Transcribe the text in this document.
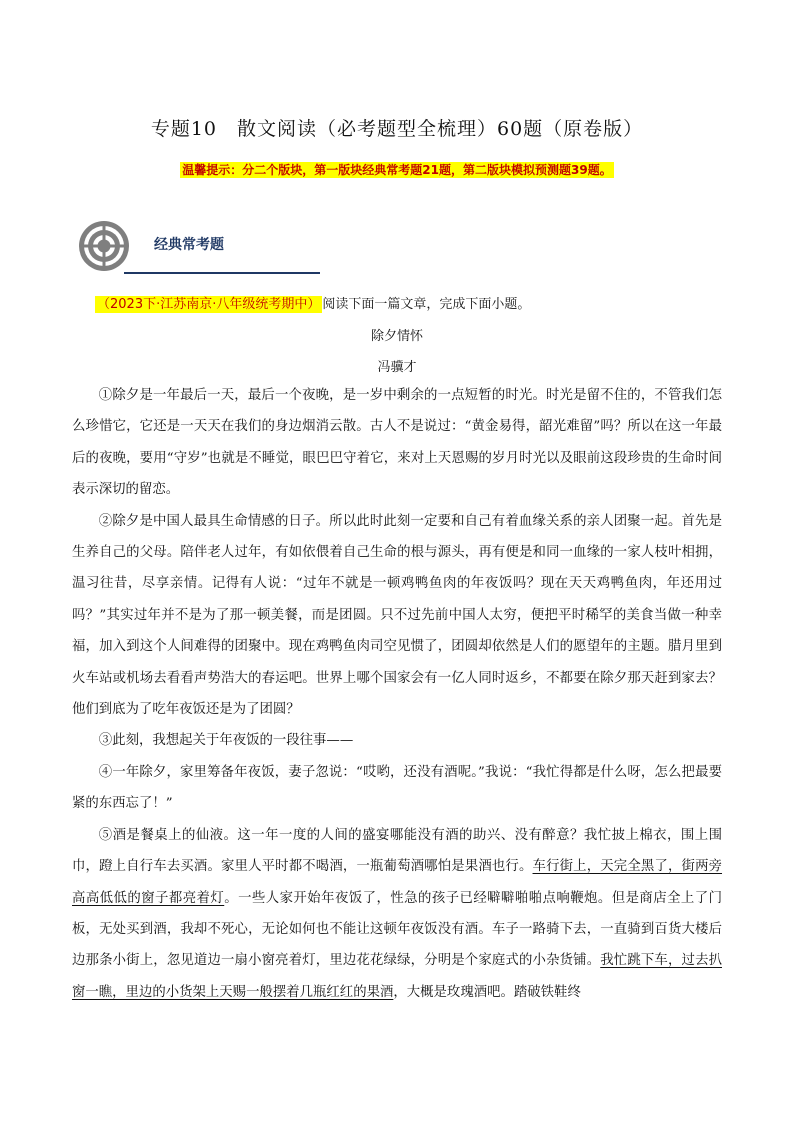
专题10　散文阅读（必考题型全梳理）60题（原卷版）
温馨提示：分二个版块，第一版块经典常考题21题，第二版块模拟预测题39题。
经典常考题
（2023下·江苏南京·八年级统考期中） 阅读下面一篇文章，完成下面小题。
除夕情怀
冯骥才

①除夕是一年最后一天，最后一个夜晚，是一岁中剩余的一点短暂的时光。时光是留不住的，不管我们怎么珍惜它，它还是一天天在我们的身边烟消云散。古人不是说过：“黄金易得，韶光难留”吗？所以在这一年最后的夜晚，要用“守岁”也就是不睡觉，眼巴巴守着它，来对上天恩赐的岁月时光以及眼前这段珍贵的生命时间表示深切的留恋。

②除夕是中国人最具生命情感的日子。所以此时此刻一定要和自己有着血缘关系的亲人团聚一起。首先是生养自己的父母。陪伴老人过年，有如依偎着自己生命的根与源头，再有便是和同一血缘的一家人枝叶相拥，温习往昔，尽享亲情。记得有人说：“过年不就是一顿鸡鸭鱼肉的年夜饭吗？现在天天鸡鸭鱼肉，年还用过吗？”其实过年并不是为了那一顿美餐，而是团圆。只不过先前中国人太穷，便把平时稀罕的美食当做一种幸福，加入到这个人间难得的团聚中。现在鸡鸭鱼肉司空见惯了，团圆却依然是人们的愿望年的主题。腊月里到火车站或机场去看看声势浩大的春运吧。世界上哪个国家会有一亿人同时返乡，不都要在除夕那天赶到家去？他们到底为了吃年夜饭还是为了团圆？

③此刻，我想起关于年夜饭的一段往事——

④一年除夕，家里筹备年夜饭，妻子忽说：“哎哟，还没有酒呢。”我说：“我忙得都是什么呀，怎么把最要紧的东西忘了！”

⑤酒是餐桌上的仙液。这一年一度的人间的盛宴哪能没有酒的助兴、没有醉意？我忙披上棉衣，围上围巾，蹬上自行车去买酒。家里人平时都不喝酒，一瓶葡萄酒哪怕是果酒也行。车行街上，天完全黑了，街两旁高高低低的窗子都亮着灯。一些人家开始年夜饭了，性急的孩子已经噼噼啪啪点响鞭炮。但是商店全上了门板，无处买到酒，我却不死心，无论如何也不能让这顿年夜饭没有酒。车子一路骑下去，一直骑到百货大楼后边那条小街上，忽见道边一扇小窗亮着灯，里边花花绿绿，分明是个家庭式的小杂货铺。我忙跳下车，过去扒窗一瞧，里边的小货架上天赐一般摆着几瓶红红的果酒，大概是玫瑰酒吧。踏破铁鞋终
